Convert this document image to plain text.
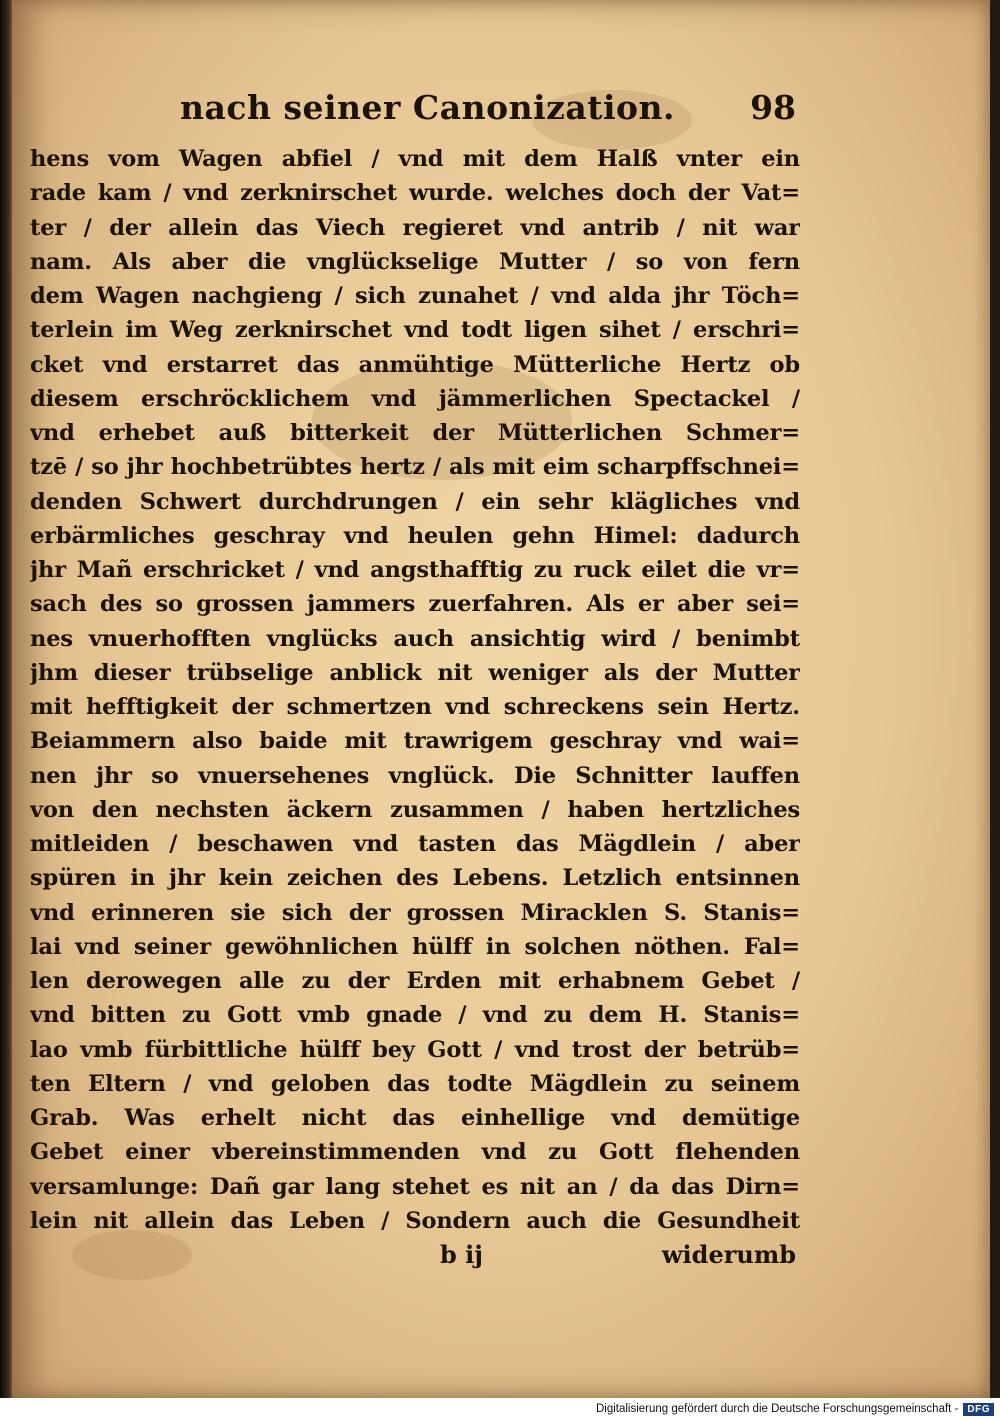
nach seiner Canonization. 98
hens vom Wagen abfiel / vnd mit dem Halß vnter ein
rade kam / vnd zerknirschet wurde. welches doch der Vat=
ter / der allein das Viech regieret vnd antrib / nit war
nam. Als aber die vnglückselige Mutter / so von fern
dem Wagen nachgieng / sich zunahet / vnd alda jhr Töch=
terlein im Weg zerknirschet vnd todt ligen sihet / erschri=
cket vnd erstarret das anmühtige Mütterliche Hertz ob
diesem erschröcklichem vnd jämmerlichen Spectackel /
vnd erhebet auß bitterkeit der Mütterlichen Schmer=
tzē / so jhr hochbetrübtes hertz / als mit eim scharpffschnei=
denden Schwert durchdrungen / ein sehr klägliches vnd
erbärmliches geschray vnd heulen gehn Himel: dadurch
jhr Mañ erschricket / vnd angsthafftig zu ruck eilet die vr=
sach des so grossen jammers zuerfahren. Als er aber sei=
nes vnuerhofften vnglücks auch ansichtig wird / benimbt
jhm dieser trübselige anblick nit weniger als der Mutter
mit hefftigkeit der schmertzen vnd schreckens sein Hertz.
Beiammern also baide mit trawrigem geschray vnd wai=
nen jhr so vnuersehenes vnglück. Die Schnitter lauffen
von den nechsten äckern zusammen / haben hertzliches
mitleiden / beschawen vnd tasten das Mägdlein / aber
spüren in jhr kein zeichen des Lebens. Letzlich entsinnen
vnd erinneren sie sich der grossen Miracklen S. Stanis=
lai vnd seiner gewöhnlichen hülff in solchen nöthen. Fal=
len derowegen alle zu der Erden mit erhabnem Gebet /
vnd bitten zu Gott vmb gnade / vnd zu dem H. Stanis=
lao vmb fürbittliche hülff bey Gott / vnd trost der betrüb=
ten Eltern / vnd geloben das todte Mägdlein zu seinem
Grab. Was erhelt nicht das einhellige vnd demütige
Gebet einer vbereinstimmenden vnd zu Gott flehenden
versamlunge: Dañ gar lang stehet es nit an / da das Dirn=
lein nit allein das Leben / Sondern auch die Gesundheit
b ij	widerumb
Digitalisierung gefördert durch die Deutsche Forschungsgemeinschaft - DFG
